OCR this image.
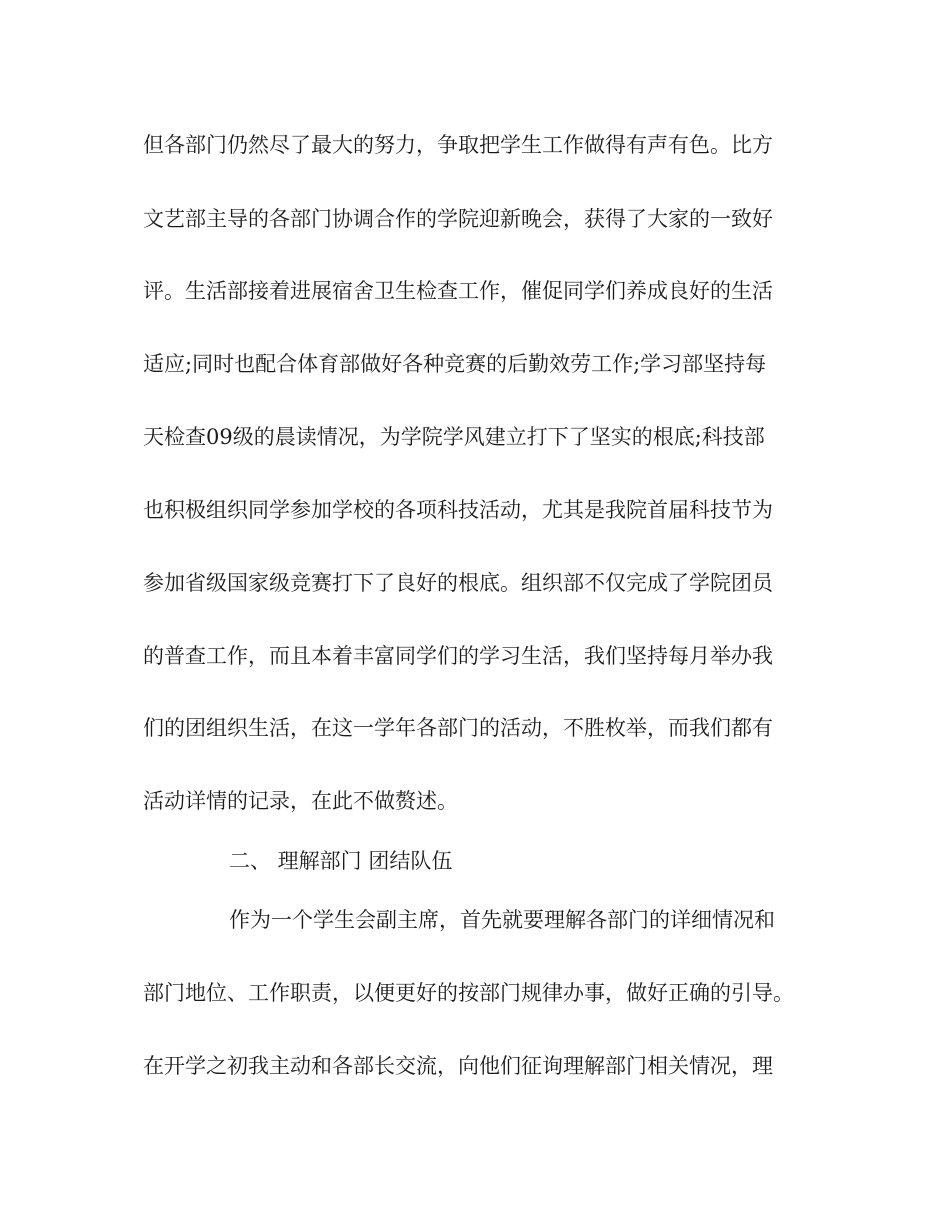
但各部门仍然尽了最大的努力，争取把学生工作做得有声有色。比方
文艺部主导的各部门协调合作的学院迎新晚会，获得了大家的一致好
评。生活部接着进展宿舍卫生检查工作，催促同学们养成良好的生活
适应;同时也配合体育部做好各种竞赛的后勤效劳工作;学习部坚持每
天检查09级的晨读情况，为学院学风建立打下了坚实的根底;科技部
也积极组织同学参加学校的各项科技活动，尤其是我院首届科技节为
参加省级国家级竞赛打下了良好的根底。组织部不仅完成了学院团员
的普查工作，而且本着丰富同学们的学习生活，我们坚持每月举办我
们的团组织生活，在这一学年各部门的活动，不胜枚举，而我们都有
活动详情的记录，在此不做赘述。
二、 理解部门 团结队伍
作为一个学生会副主席，首先就要理解各部门的详细情况和
部门地位、工作职责，以便更好的按部门规律办事，做好正确的引导。
在开学之初我主动和各部长交流，向他们征询理解部门相关情况，理
